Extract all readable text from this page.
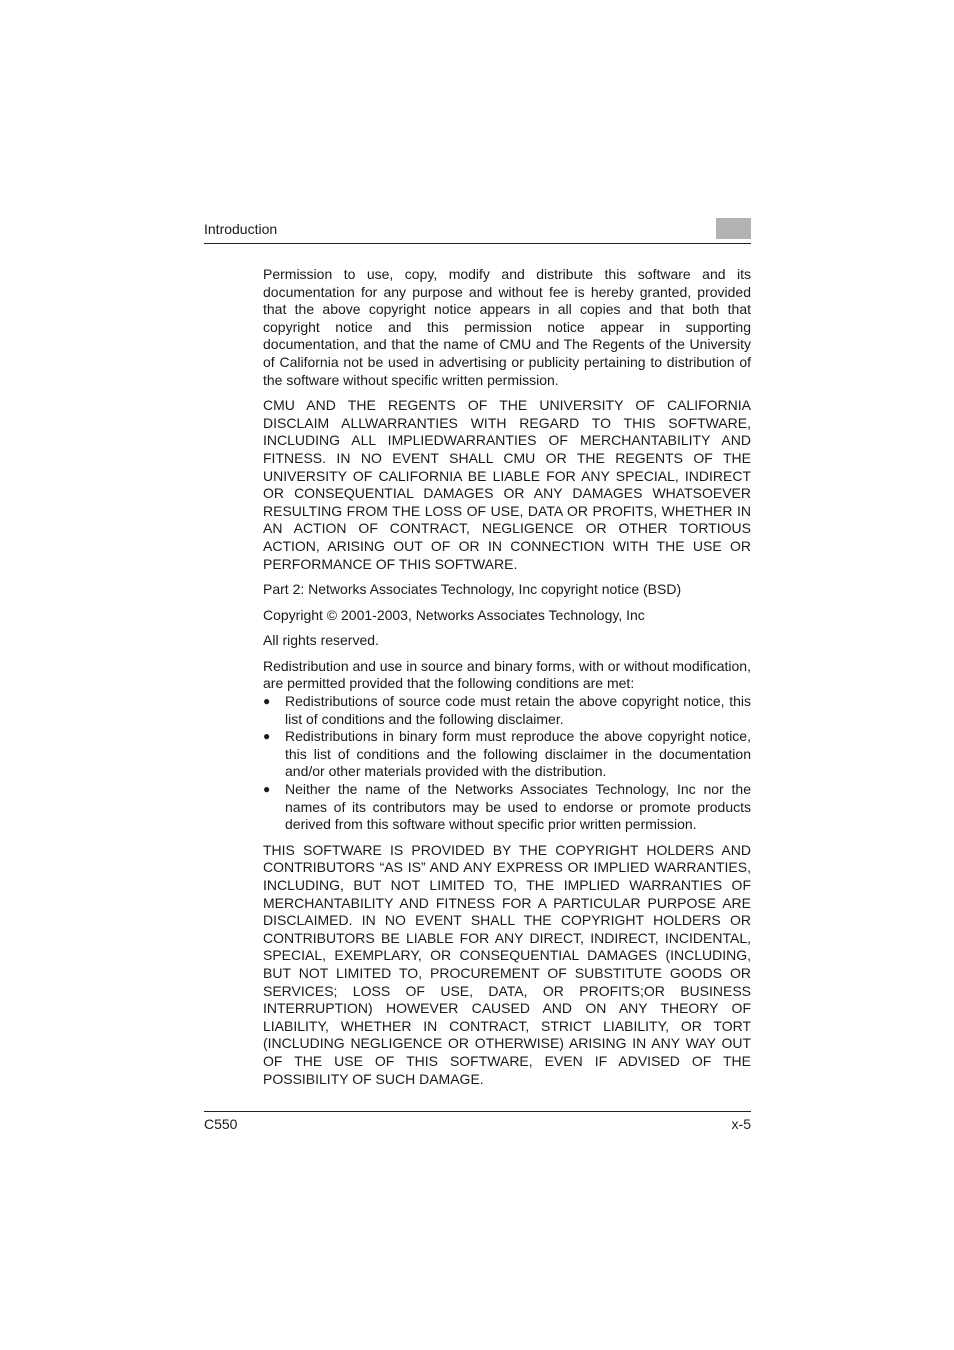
Introduction

Permission to use, copy, modify and distribute this software and its documentation for any purpose and without fee is hereby granted, provided that the above copyright notice appears in all copies and that both that copyright notice and this permission notice appear in supporting documentation, and that the name of CMU and The Regents of the University of California not be used in advertising or publicity pertaining to distribution of the software without specific written permission.

CMU AND THE REGENTS OF THE UNIVERSITY OF CALIFORNIA DISCLAIM ALLWARRANTIES WITH REGARD TO THIS SOFTWARE, INCLUDING ALL IMPLIEDWARRANTIES OF MERCHANTABILITY AND FITNESS. IN NO EVENT SHALL CMU OR THE REGENTS OF THE UNIVERSITY OF CALIFORNIA BE LIABLE FOR ANY SPECIAL, INDIRECT OR CONSEQUENTIAL DAMAGES OR ANY DAMAGES WHATSOEVER RESULTING FROM THE LOSS OF USE, DATA OR PROFITS, WHETHER IN AN ACTION OF CONTRACT, NEGLIGENCE OR OTHER TORTIOUS ACTION, ARISING OUT OF OR IN CONNECTION WITH THE USE OR PERFORMANCE OF THIS SOFTWARE.

Part 2: Networks Associates Technology, Inc copyright notice (BSD)

Copyright © 2001-2003, Networks Associates Technology, Inc

All rights reserved.

Redistribution and use in source and binary forms, with or without modification, are permitted provided that the following conditions are met:

● Redistributions of source code must retain the above copyright notice, this list of conditions and the following disclaimer.
● Redistributions in binary form must reproduce the above copyright notice, this list of conditions and the following disclaimer in the documentation and/or other materials provided with the distribution.
● Neither the name of the Networks Associates Technology, Inc nor the names of its contributors may be used to endorse or promote products derived from this software without specific prior written permission.

THIS SOFTWARE IS PROVIDED BY THE COPYRIGHT HOLDERS AND CONTRIBUTORS “AS IS” AND ANY EXPRESS OR IMPLIED WARRANTIES, INCLUDING, BUT NOT LIMITED TO, THE IMPLIED WARRANTIES OF MERCHANTABILITY AND FITNESS FOR A PARTICULAR PURPOSE ARE DISCLAIMED. IN NO EVENT SHALL THE COPYRIGHT HOLDERS OR CONTRIBUTORS BE LIABLE FOR ANY DIRECT, INDIRECT, INCIDENTAL, SPECIAL, EXEMPLARY, OR CONSEQUENTIAL DAMAGES (INCLUDING, BUT NOT LIMITED TO, PROCUREMENT OF SUBSTITUTE GOODS OR SERVICES; LOSS OF USE, DATA, OR PROFITS;OR BUSINESS INTERRUPTION) HOWEVER CAUSED AND ON ANY THEORY OF LIABILITY, WHETHER IN CONTRACT, STRICT LIABILITY, OR TORT (INCLUDING NEGLIGENCE OR OTHERWISE) ARISING IN ANY WAY OUT OF THE USE OF THIS SOFTWARE, EVEN IF ADVISED OF THE POSSIBILITY OF SUCH DAMAGE.

C550	x-5
